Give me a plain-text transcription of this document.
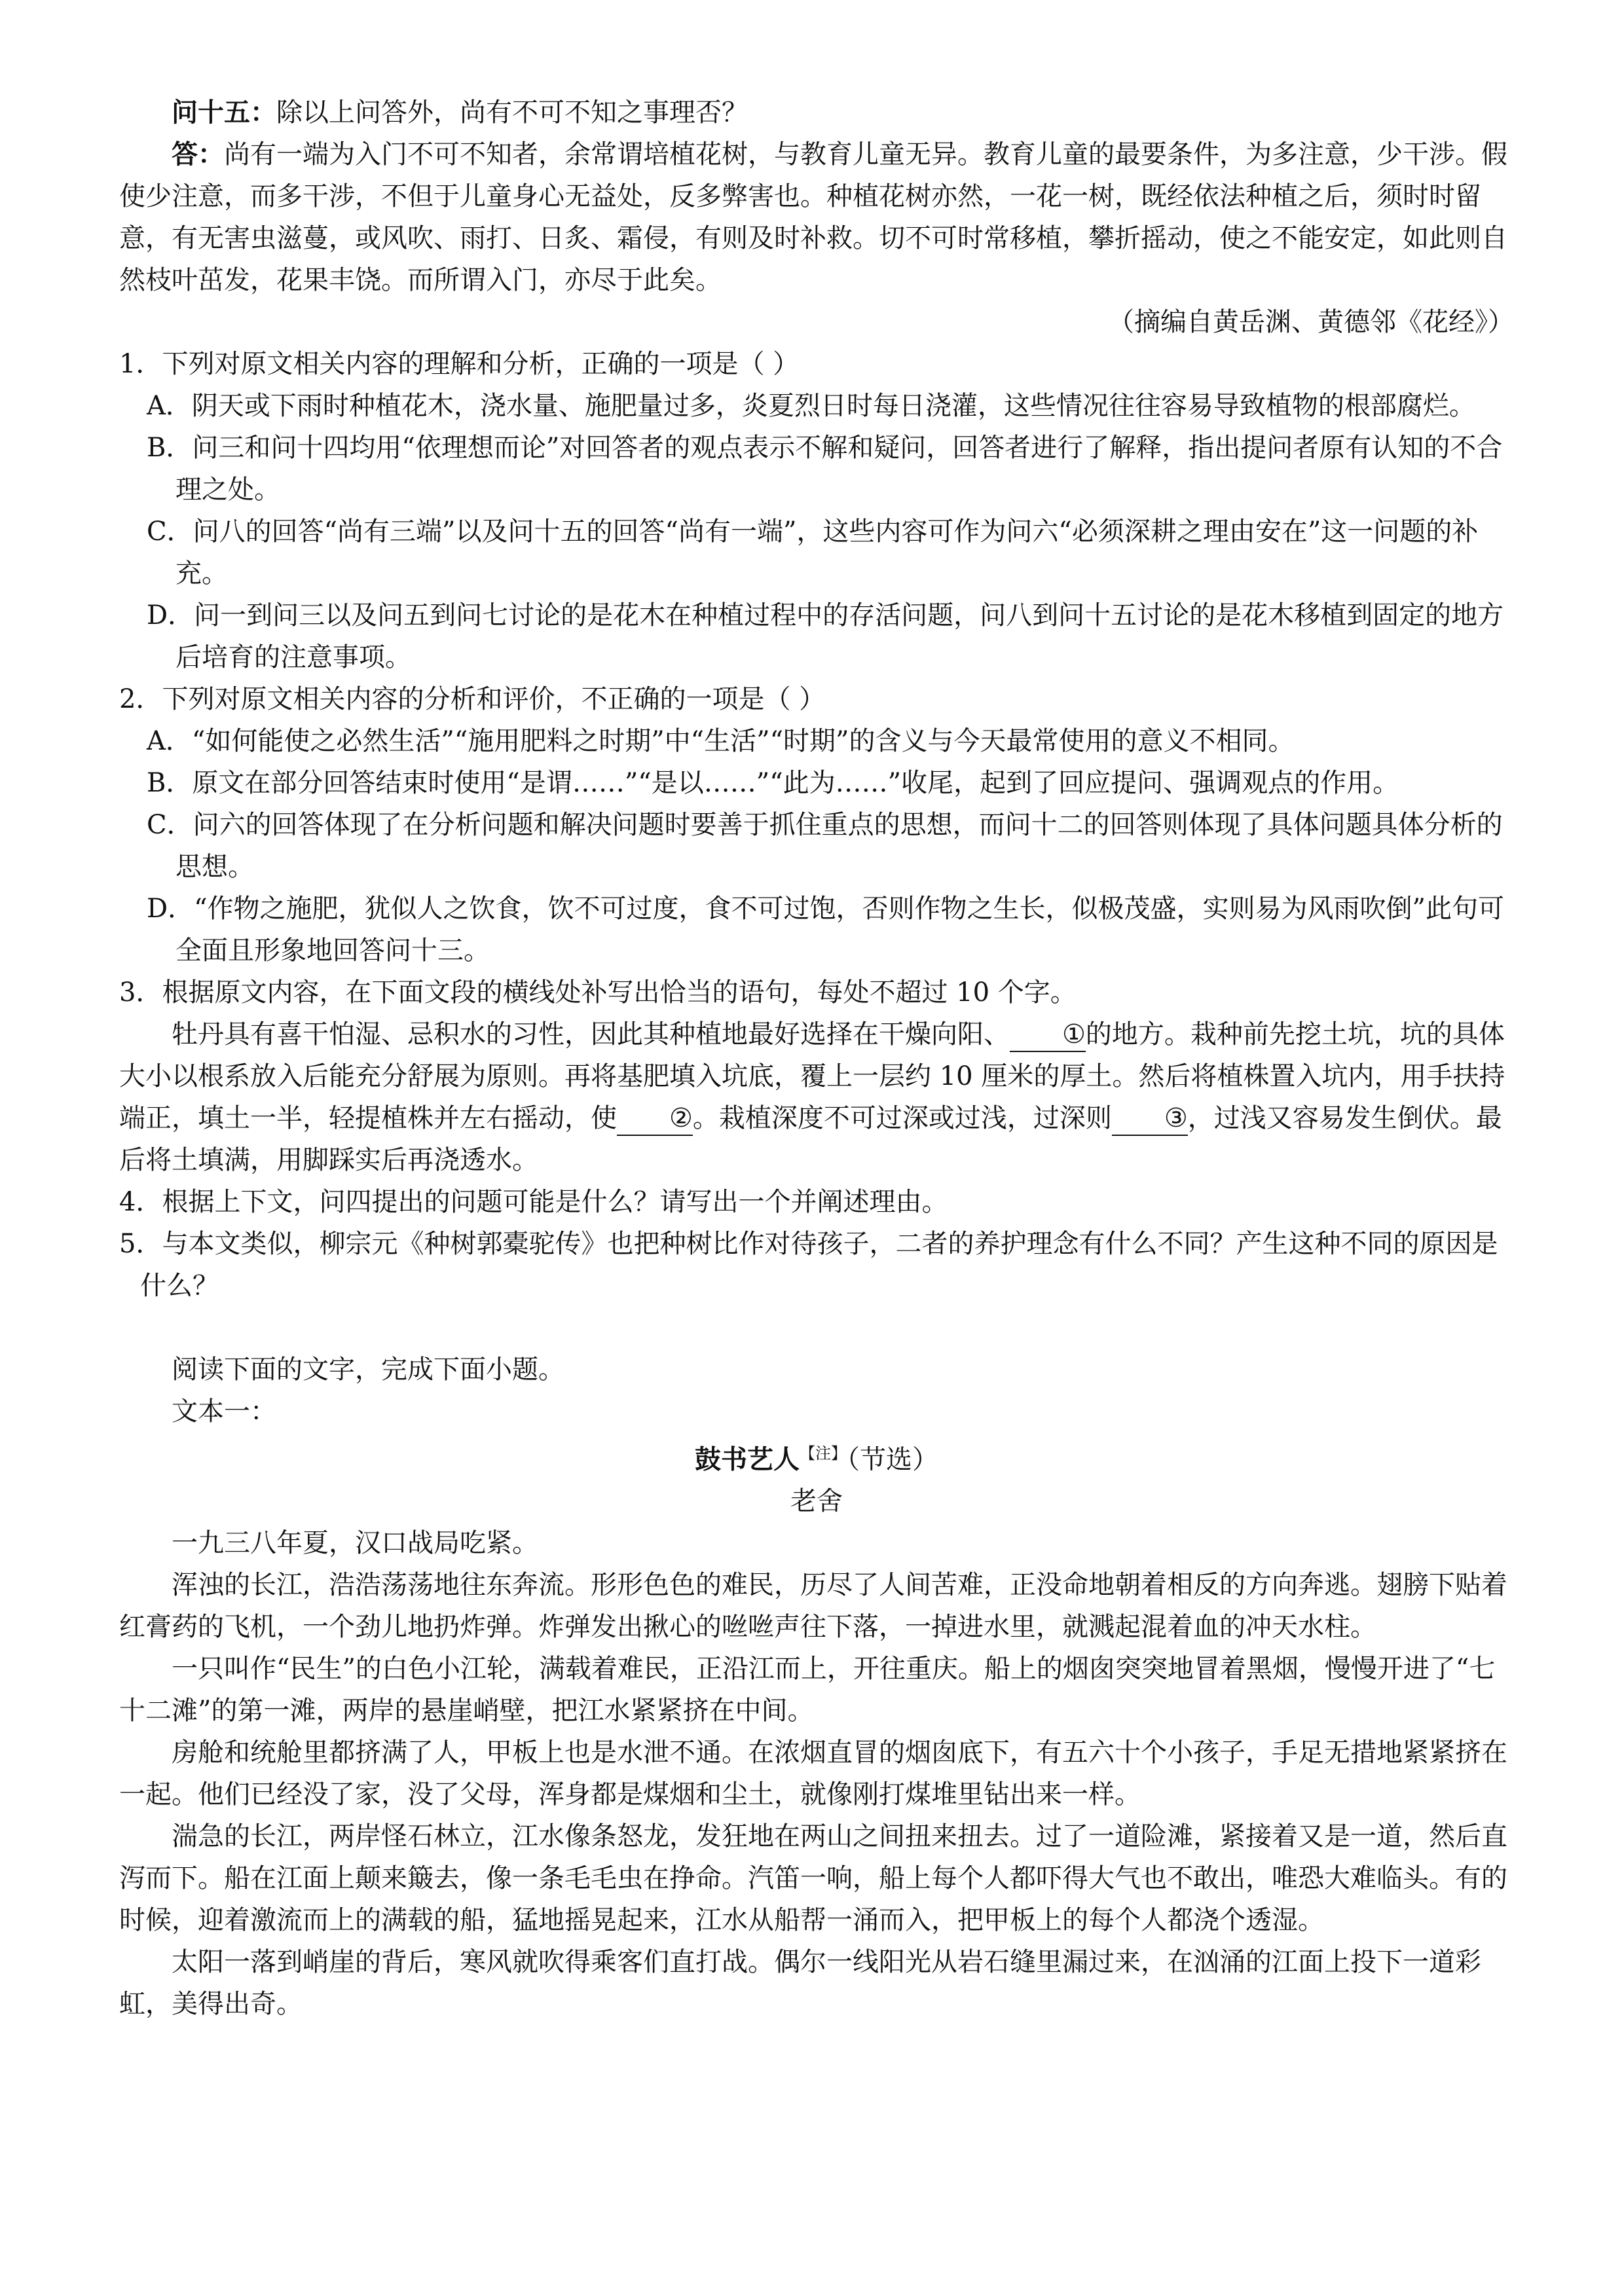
问十五：除以上问答外，尚有不可不知之事理否？

答：尚有一端为入门不可不知者，余常谓培植花树，与教育儿童无异。教育儿童的最要条件，为多注意，少干涉。假使少注意，而多干涉，不但于儿童身心无益处，反多弊害也。种植花树亦然，一花一树，既经依法种植之后，须时时留意，有无害虫滋蔓，或风吹、雨打、日炙、霜侵，有则及时补救。切不可时常移植，攀折摇动，使之不能安定，如此则自然枝叶茁发，花果丰饶。而所谓入门，亦尽于此矣。

（摘编自黄岳渊、黄德邻《花经》）

1．下列对原文相关内容的理解和分析，正确的一项是（ ）

A．阴天或下雨时种植花木，浇水量、施肥量过多，炎夏烈日时每日浇灌，这些情况往往容易导致植物的根部腐烂。

B．问三和问十四均用“依理想而论”对回答者的观点表示不解和疑问，回答者进行了解释，指出提问者原有认知的不合理之处。

C．问八的回答“尚有三端”以及问十五的回答“尚有一端”，这些内容可作为问六“必须深耕之理由安在”这一问题的补充。

D．问一到问三以及问五到问七讨论的是花木在种植过程中的存活问题，问八到问十五讨论的是花木移植到固定的地方后培育的注意事项。

2．下列对原文相关内容的分析和评价，不正确的一项是（ ）

A．“如何能使之必然生活”“施用肥料之时期”中“生活”“时期”的含义与今天最常使用的意义不相同。

B．原文在部分回答结束时使用“是谓……”“是以……”“此为……”收尾，起到了回应提问、强调观点的作用。

C．问六的回答体现了在分析问题和解决问题时要善于抓住重点的思想，而问十二的回答则体现了具体问题具体分析的思想。

D．“作物之施肥，犹似人之饮食，饮不可过度，食不可过饱，否则作物之生长，似极茂盛，实则易为风雨吹倒”此句可全面且形象地回答问十三。

3．根据原文内容，在下面文段的横线处补写出恰当的语句，每处不超过 10 个字。

牡丹具有喜干怕湿、忌积水的习性，因此其种植地最好选择在干燥向阳、 ①的地方。栽种前先挖土坑，坑的具体大小以根系放入后能充分舒展为原则。再将基肥填入坑底，覆上一层约 10 厘米的厚土。然后将植株置入坑内，用手扶持端正，填土一半，轻提植株并左右摇动，使 ②。栽植深度不可过深或过浅，过深则 ③，过浅又容易发生倒伏。最后将土填满，用脚踩实后再浇透水。

4．根据上下文，问四提出的问题可能是什么？请写出一个并阐述理由。

5．与本文类似，柳宗元《种树郭橐驼传》也把种树比作对待孩子，二者的养护理念有什么不同？产生这种不同的原因是什么？

阅读下面的文字，完成下面小题。

文本一：

鼓书艺人$^{【注】}$（节选）

老舍

一九三八年夏，汉口战局吃紧。

浑浊的长江，浩浩荡荡地往东奔流。形形色色的难民，历尽了人间苦难，正没命地朝着相反的方向奔逃。翅膀下贴着红膏药的飞机，一个劲儿地扔炸弹。炸弹发出揪心的咝咝声往下落，一掉进水里，就溅起混着血的冲天水柱。

一只叫作“民生”的白色小江轮，满载着难民，正沿江而上，开往重庆。船上的烟囱突突地冒着黑烟，慢慢开进了“七十二滩”的第一滩，两岸的悬崖峭壁，把江水紧紧挤在中间。

房舱和统舱里都挤满了人，甲板上也是水泄不通。在浓烟直冒的烟囱底下，有五六十个小孩子，手足无措地紧紧挤在一起。他们已经没了家，没了父母，浑身都是煤烟和尘土，就像刚打煤堆里钻出来一样。

湍急的长江，两岸怪石林立，江水像条怒龙，发狂地在两山之间扭来扭去。过了一道险滩，紧接着又是一道，然后直泻而下。船在江面上颠来簸去，像一条毛毛虫在挣命。汽笛一响，船上每个人都吓得大气也不敢出，唯恐大难临头。有的时候，迎着激流而上的满载的船，猛地摇晃起来，江水从船帮一涌而入，把甲板上的每个人都浇个透湿。

太阳一落到峭崖的背后，寒风就吹得乘客们直打战。偶尔一线阳光从岩石缝里漏过来，在汹涌的江面上投下一道彩虹，美得出奇。
